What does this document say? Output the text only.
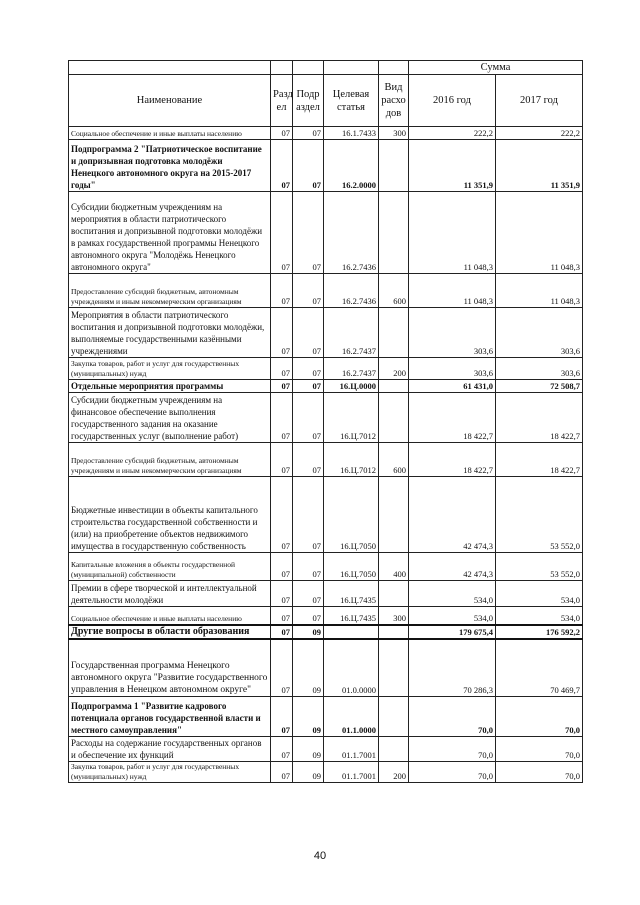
					Сумма	
Наименование	Разд ел	Подр аздел	Целевая статья	Вид расхо дов	2016 год	2017 год
Социальное обеспечение и иные выплаты населению	07	07	16.1.7433	300	222,2	222,2
Подпрограмма 2 "Патриотическое воспитание и допризывная подготовка молодёжи Ненецкого автономного округа на 2015-2017 годы"	07	07	16.2.0000		11 351,9	11 351,9
Субсидии бюджетным учреждениям на мероприятия в области патриотического воспитания и допризывной подготовки молодёжи в рамках государственной программы Ненецкого автономного округа "Молодёжь Ненецкого автономного округа"	07	07	16.2.7436		11 048,3	11 048,3
Предоставление субсидий бюджетным, автономным учреждениям и иным некоммерческим организациям	07	07	16.2.7436	600	11 048,3	11 048,3
Мероприятия в области патриотического воспитания и допризывной подготовки молодёжи, выполняемые государственными казёнными учреждениями	07	07	16.2.7437		303,6	303,6
Закупка товаров, работ и услуг для государственных (муниципальных) нужд	07	07	16.2.7437	200	303,6	303,6
Отдельные мероприятия программы	07	07	16.Ц.0000		61 431,0	72 508,7
Субсидии бюджетным учреждениям на финансовое обеспечение выполнения государственного задания на оказание государственных услуг (выполнение работ)	07	07	16.Ц.7012		18 422,7	18 422,7
Предоставление субсидий бюджетным, автономным учреждениям и иным некоммерческим организациям	07	07	16.Ц.7012	600	18 422,7	18 422,7
Бюджетные инвестиции в объекты капитального строительства государственной собственности и (или) на приобретение объектов недвижимого имущества в государственную собственность	07	07	16.Ц.7050		42 474,3	53 552,0
Капитальные вложения в объекты государственной (муниципальной) собственности	07	07	16.Ц.7050	400	42 474,3	53 552,0
Премии в сфере творческой и интеллектуальной деятельности молодёжи	07	07	16.Ц.7435		534,0	534,0
Социальное обеспечение и иные выплаты населению	07	07	16.Ц.7435	300	534,0	534,0
Другие вопросы в области образования	07	09			179 675,4	176 592,2
Государственная программа Ненецкого автономного округа "Развитие государственного управления в Ненецком автономном округе"	07	09	01.0.0000		70 286,3	70 469,7
Подпрограмма 1 "Развитие кадрового потенциала органов государственной власти и местного самоуправления"	07	09	01.1.0000		70,0	70,0
Расходы на содержание государственных органов и обеспечение их функций	07	09	01.1.7001		70,0	70,0
Закупка товаров, работ и услуг для государственных (муниципальных) нужд	07	09	01.1.7001	200	70,0	70,0
40
